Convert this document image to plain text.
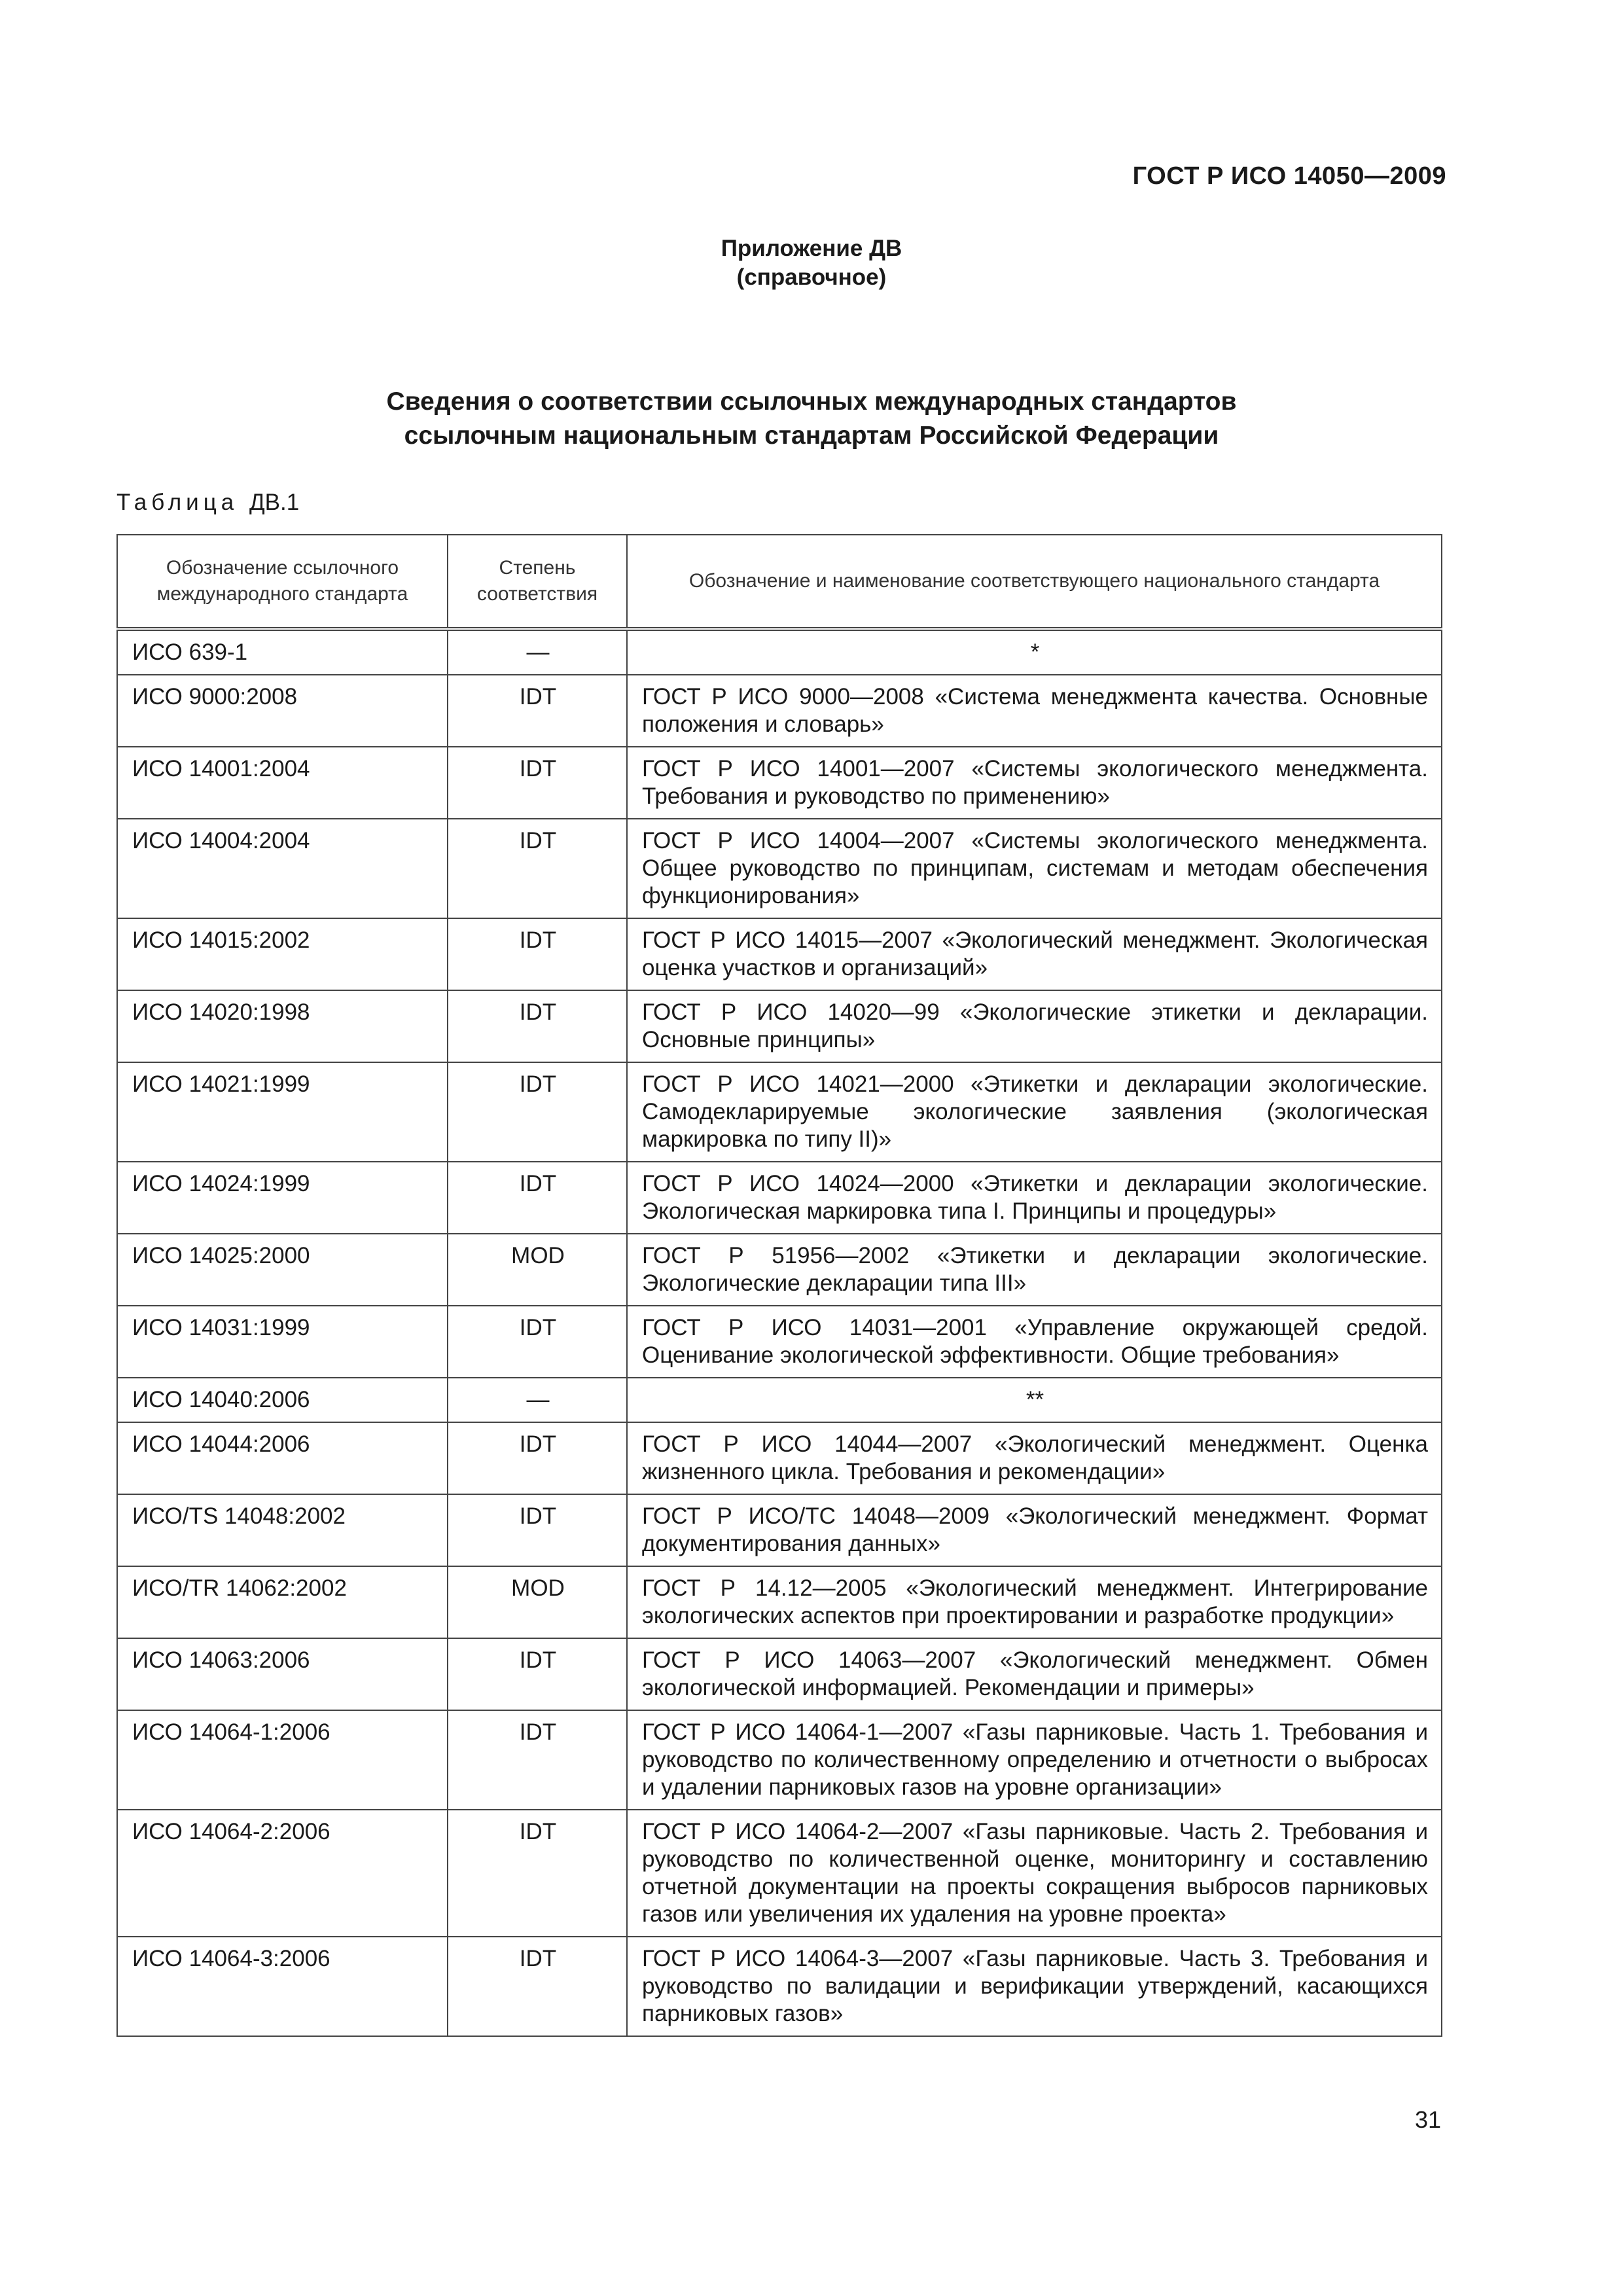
ГОСТ Р ИСО 14050—2009
Приложение ДВ
(справочное)
Сведения о соответствии ссылочных международных стандартов
ссылочным национальным стандартам Российской Федерации
Таблица ДВ.1
Обозначение ссылочного международного стандарта	Степень соответствия	Обозначение и наименование соответствующего национального стандарта
ИСО 639-1	—	*
ИСО 9000:2008	IDT	ГОСТ Р ИСО 9000—2008 «Система менеджмента качества. Основные положения и словарь»
ИСО 14001:2004	IDT	ГОСТ Р ИСО 14001—2007 «Системы экологического менеджмента. Требования и руководство по применению»
ИСО 14004:2004	IDT	ГОСТ Р ИСО 14004—2007 «Системы экологического менеджмента. Общее руководство по принципам, системам и методам обеспечения функционирования»
ИСО 14015:2002	IDT	ГОСТ Р ИСО 14015—2007 «Экологический менеджмент. Экологическая оценка участков и организаций»
ИСО 14020:1998	IDT	ГОСТ Р ИСО 14020—99 «Экологические этикетки и декларации. Основные принципы»
ИСО 14021:1999	IDT	ГОСТ Р ИСО 14021—2000 «Этикетки и декларации экологические. Самодекларируемые экологические заявления (экологическая маркировка по типу II)»
ИСО 14024:1999	IDT	ГОСТ Р ИСО 14024—2000 «Этикетки и декларации экологические. Экологическая маркировка типа I. Принципы и процедуры»
ИСО 14025:2000	MOD	ГОСТ Р 51956—2002 «Этикетки и декларации экологические. Экологические декларации типа III»
ИСО 14031:1999	IDT	ГОСТ Р ИСО 14031—2001 «Управление окружающей средой. Оценивание экологической эффективности. Общие требования»
ИСО 14040:2006	—	**
ИСО 14044:2006	IDT	ГОСТ Р ИСО 14044—2007 «Экологический менеджмент. Оценка жизненного цикла. Требования и рекомендации»
ИСО/TS 14048:2002	IDT	ГОСТ Р ИСО/ТС 14048—2009 «Экологический менеджмент. Формат документирования данных»
ИСО/TR 14062:2002	MOD	ГОСТ Р 14.12—2005 «Экологический менеджмент. Интегрирование экологических аспектов при проектировании и разработке продукции»
ИСО 14063:2006	IDT	ГОСТ Р ИСО 14063—2007 «Экологический менеджмент. Обмен экологической информацией. Рекомендации и примеры»
ИСО 14064-1:2006	IDT	ГОСТ Р ИСО 14064-1—2007 «Газы парниковые. Часть 1. Требования и руководство по количественному определению и отчетности о выбросах и удалении парниковых газов на уровне организации»
ИСО 14064-2:2006	IDT	ГОСТ Р ИСО 14064-2—2007 «Газы парниковые. Часть 2. Требования и руководство по количественной оценке, мониторингу и составлению отчетной документации на проекты сокращения выбросов парниковых газов или увеличения их удаления на уровне проекта»
ИСО 14064-3:2006	IDT	ГОСТ Р ИСО 14064-3—2007 «Газы парниковые. Часть 3. Требования и руководство по валидации и верификации утверждений, касающихся парниковых газов»
31
